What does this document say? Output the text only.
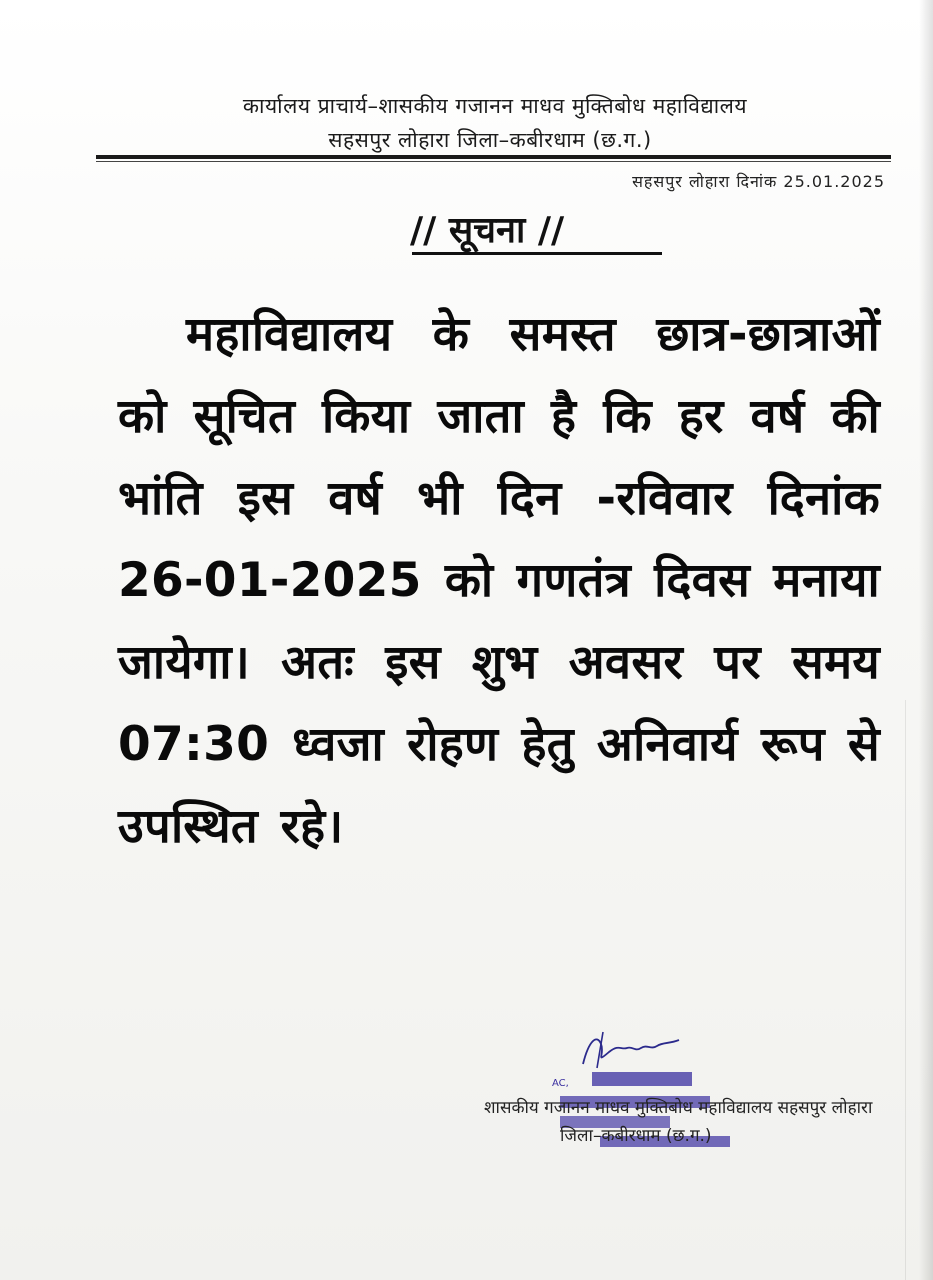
कार्यालय प्राचार्य–शासकीय गजानन माधव मुक्तिबोध महाविद्यालय
सहसपुर लोहारा जिला–कबीरधाम (छ.ग.)
सहसपुर लोहारा दिनांक 25.01.2025
// सूचना //
महाविद्यालय के समस्त छात्र-छात्राओं को सूचित किया जाता है कि हर वर्ष की भांति इस वर्ष भी दिन -रविवार दिनांक 26-01-2025 को गणतंत्र दिवस मनाया जायेगा। अतः इस शुभ अवसर पर समय 07:30 ध्वजा रोहण हेतु अनिवार्य रूप से उपस्थित रहे।
AC,
शासकीय गजानन माधव मुक्तिबोध महाविद्यालय सहसपुर लोहारा
जिला–कबीरधाम (छ.ग.)
